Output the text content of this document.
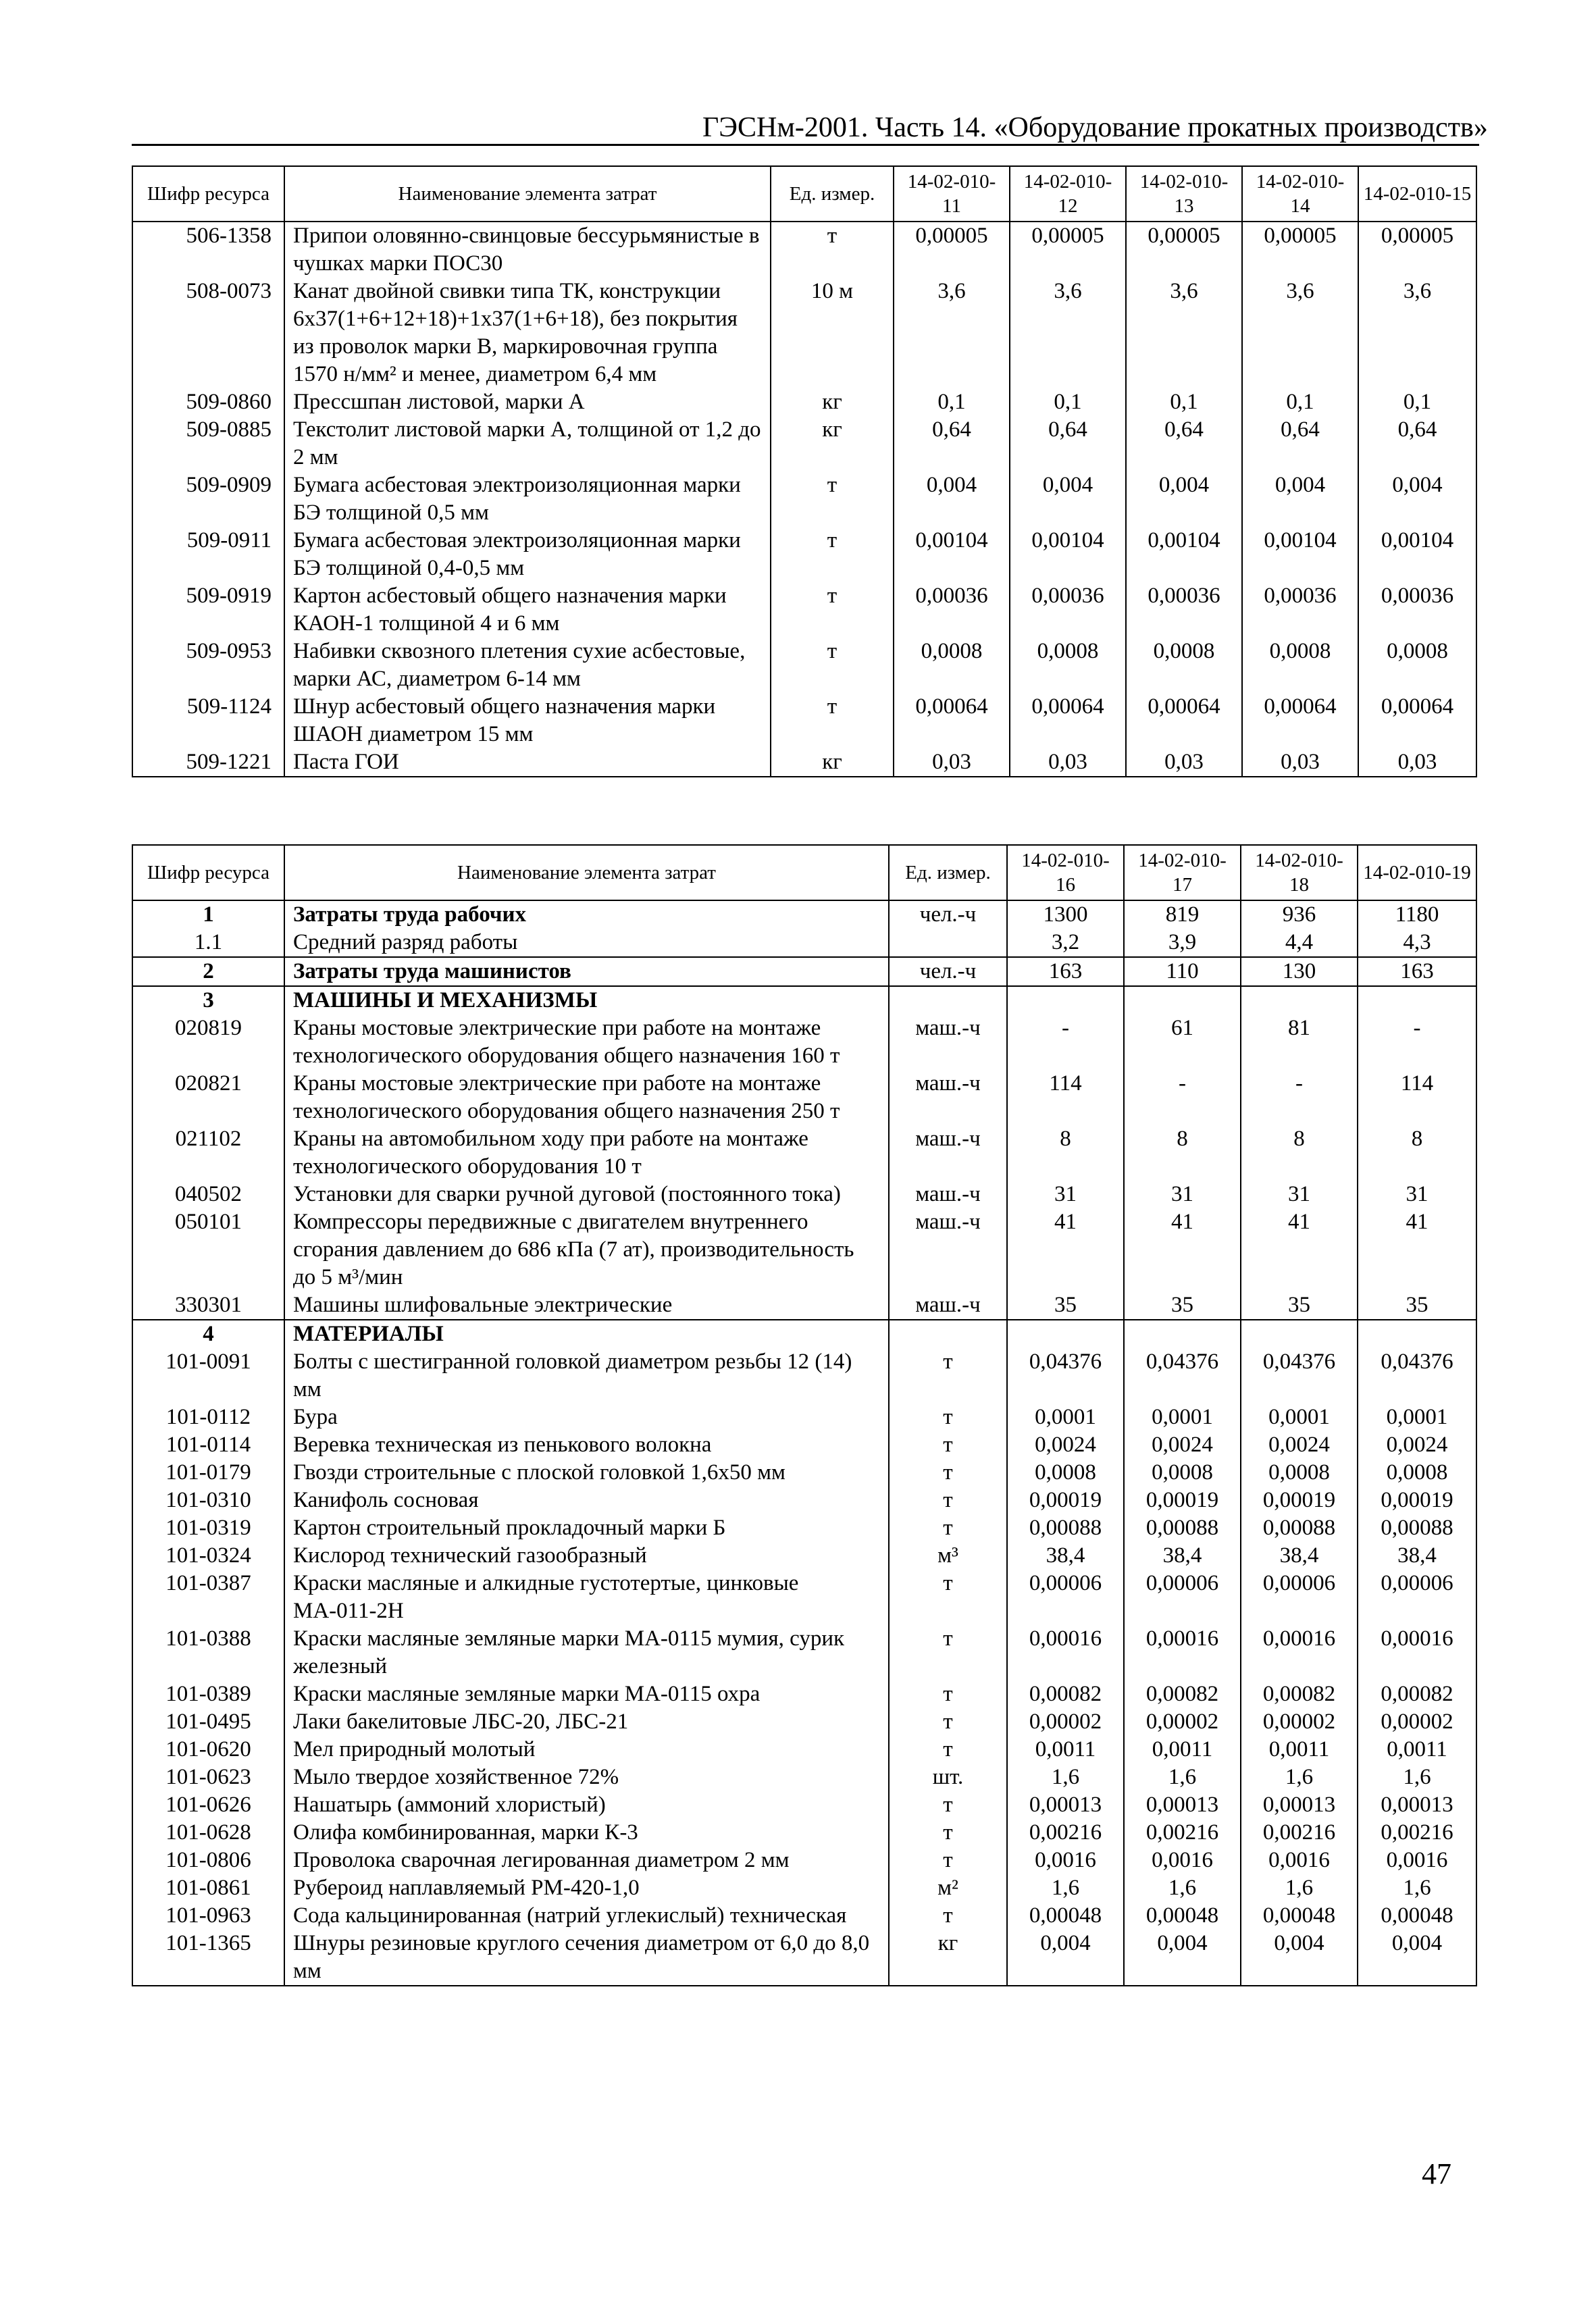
ГЭСНм-2001. Часть 14. «Оборудование прокатных производств»
Шифр ресурса	Наименование элемента затрат	Ед. измер.	14-02-010-11	14-02-010-12	14-02-010-13	14-02-010-14	14-02-010-15
506-1358	Припои оловянно-свинцовые бессурьмянистые в чушках марки ПОС30	т	0,00005	0,00005	0,00005	0,00005	0,00005
508-0073	Канат двойной свивки типа ТК, конструкции 6х37(1+6+12+18)+1х37(1+6+18), без покрытия из проволок марки В, маркировочная группа 1570 н/мм² и менее, диаметром 6,4 мм	10 м	3,6	3,6	3,6	3,6	3,6
509-0860	Прессшпан листовой, марки А	кг	0,1	0,1	0,1	0,1	0,1
509-0885	Текстолит листовой марки А, толщиной от 1,2 до 2 мм	кг	0,64	0,64	0,64	0,64	0,64
509-0909	Бумага асбестовая электроизоляционная марки БЭ толщиной 0,5 мм	т	0,004	0,004	0,004	0,004	0,004
509-0911	Бумага асбестовая электроизоляционная марки БЭ толщиной 0,4-0,5 мм	т	0,00104	0,00104	0,00104	0,00104	0,00104
509-0919	Картон асбестовый общего назначения марки КАОН-1 толщиной 4 и 6 мм	т	0,00036	0,00036	0,00036	0,00036	0,00036
509-0953	Набивки сквозного плетения сухие асбестовые, марки АС, диаметром 6-14 мм	т	0,0008	0,0008	0,0008	0,0008	0,0008
509-1124	Шнур асбестовый общего назначения марки ШАОН диаметром 15 мм	т	0,00064	0,00064	0,00064	0,00064	0,00064
509-1221	Паста ГОИ	кг	0,03	0,03	0,03	0,03	0,03
Шифр ресурса	Наименование элемента затрат	Ед. измер.	14-02-010-16	14-02-010-17	14-02-010-18	14-02-010-19
1	Затраты труда рабочих	чел.-ч	1300	819	936	1180
1.1	Средний разряд работы		3,2	3,9	4,4	4,3
2	Затраты труда машинистов	чел.-ч	163	110	130	163
3	МАШИНЫ И МЕХАНИЗМЫ					
020819	Краны мостовые электрические при работе на монтаже технологического оборудования общего назначения 160 т	маш.-ч	-	61	81	-
020821	Краны мостовые электрические при работе на монтаже технологического оборудования общего назначения 250 т	маш.-ч	114	-	-	114
021102	Краны на автомобильном ходу при работе на монтаже технологического оборудования 10 т	маш.-ч	8	8	8	8
040502	Установки для сварки ручной дуговой (постоянного тока)	маш.-ч	31	31	31	31
050101	Компрессоры передвижные с двигателем внутреннего сгорания давлением до 686 кПа (7 ат), производительность до 5 м³/мин	маш.-ч	41	41	41	41
330301	Машины шлифовальные электрические	маш.-ч	35	35	35	35
4	МАТЕРИАЛЫ					
101-0091	Болты с шестигранной головкой диаметром резьбы 12 (14) мм	т	0,04376	0,04376	0,04376	0,04376
101-0112	Бура	т	0,0001	0,0001	0,0001	0,0001
101-0114	Веревка техническая из пенькового волокна	т	0,0024	0,0024	0,0024	0,0024
101-0179	Гвозди строительные с плоской головкой 1,6х50 мм	т	0,0008	0,0008	0,0008	0,0008
101-0310	Канифоль сосновая	т	0,00019	0,00019	0,00019	0,00019
101-0319	Картон строительный прокладочный марки Б	т	0,00088	0,00088	0,00088	0,00088
101-0324	Кислород технический газообразный	м³	38,4	38,4	38,4	38,4
101-0387	Краски масляные и алкидные густотертые, цинковые МА-011-2Н	т	0,00006	0,00006	0,00006	0,00006
101-0388	Краски масляные земляные марки МА-0115 мумия, сурик железный	т	0,00016	0,00016	0,00016	0,00016
101-0389	Краски масляные земляные марки МА-0115 охра	т	0,00082	0,00082	0,00082	0,00082
101-0495	Лаки бакелитовые ЛБС-20, ЛБС-21	т	0,00002	0,00002	0,00002	0,00002
101-0620	Мел природный молотый	т	0,0011	0,0011	0,0011	0,0011
101-0623	Мыло твердое хозяйственное 72%	шт.	1,6	1,6	1,6	1,6
101-0626	Нашатырь (аммоний хлористый)	т	0,00013	0,00013	0,00013	0,00013
101-0628	Олифа комбинированная, марки К-3	т	0,00216	0,00216	0,00216	0,00216
101-0806	Проволока сварочная легированная диаметром 2 мм	т	0,0016	0,0016	0,0016	0,0016
101-0861	Рубероид наплавляемый РМ-420-1,0	м²	1,6	1,6	1,6	1,6
101-0963	Сода кальцинированная (натрий углекислый) техническая	т	0,00048	0,00048	0,00048	0,00048
101-1365	Шнуры резиновые круглого сечения диаметром от 6,0 до 8,0 мм	кг	0,004	0,004	0,004	0,004
47
